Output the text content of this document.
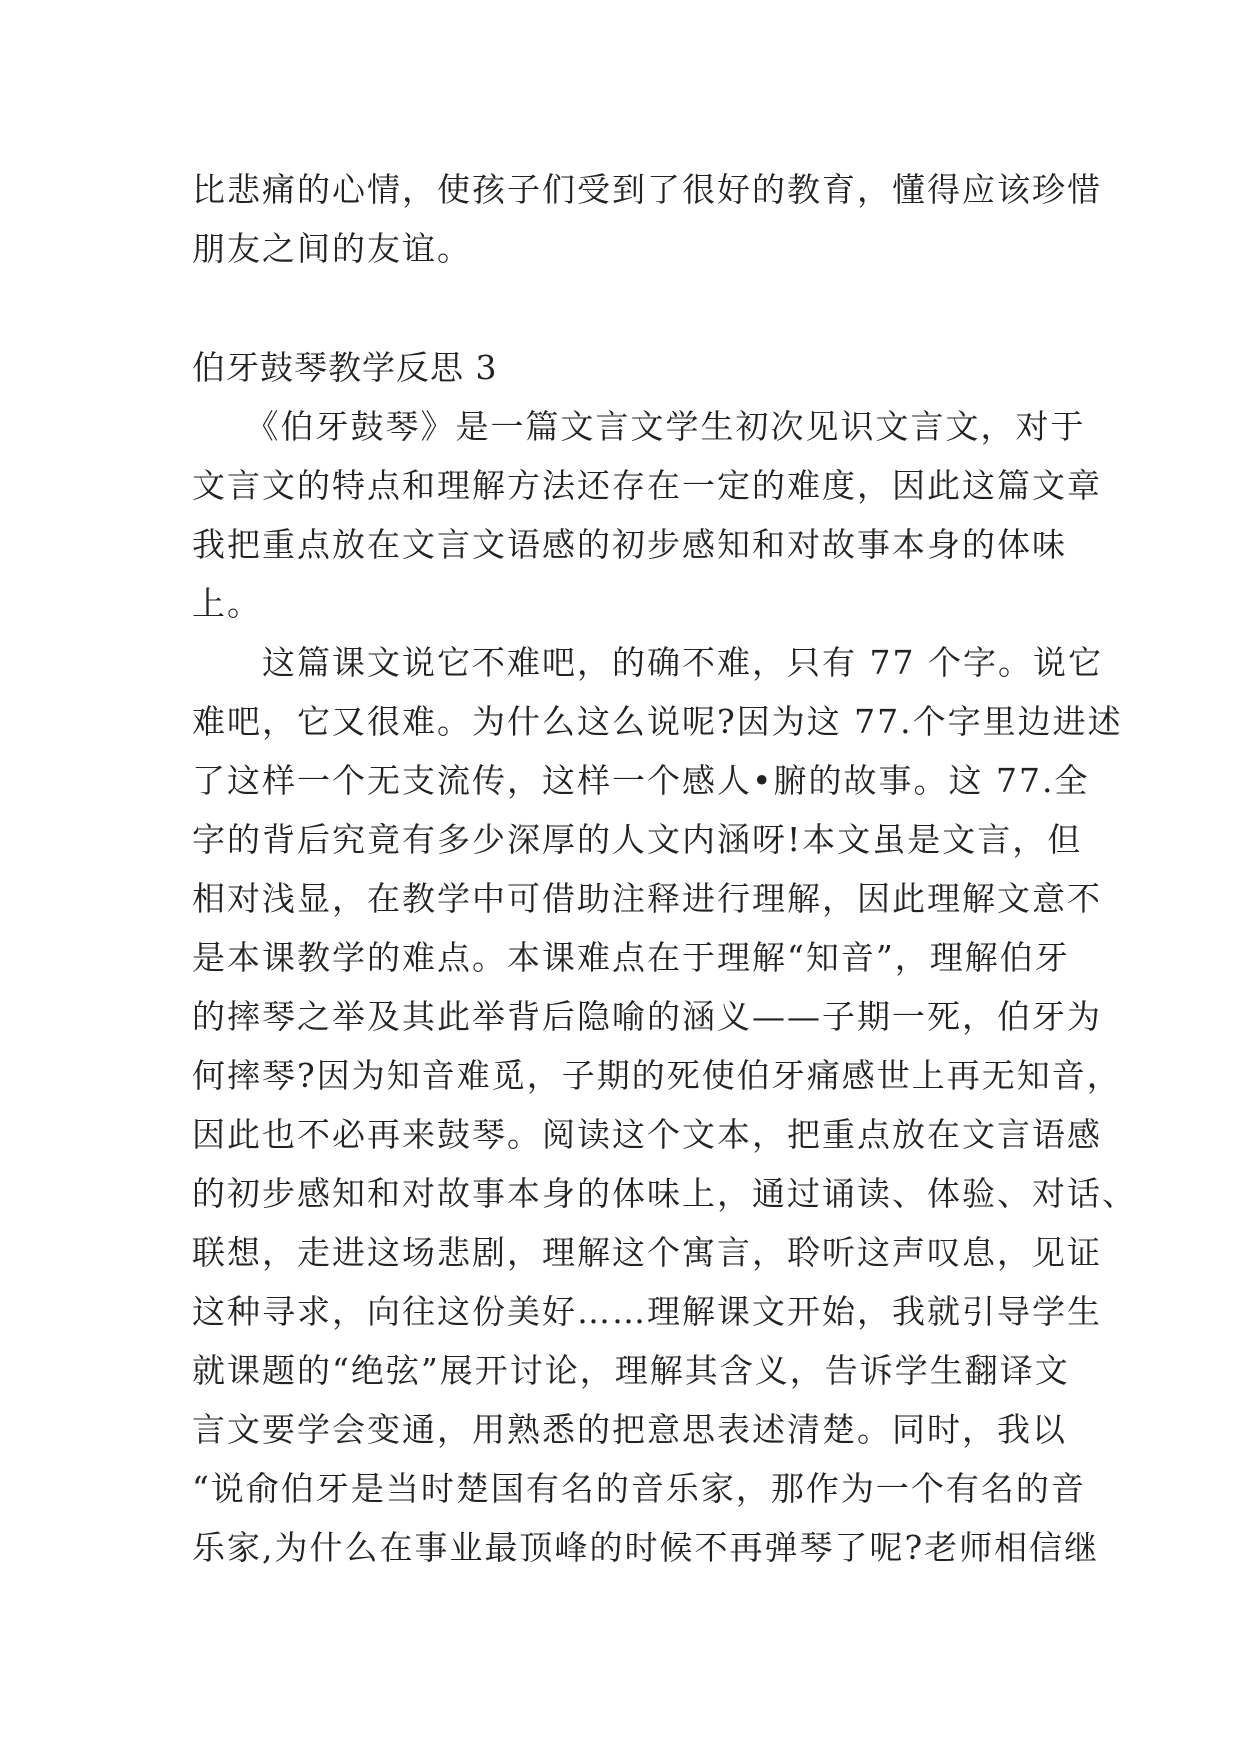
比悲痛的心情，使孩子们受到了很好的教育，懂得应该珍惜
朋友之间的友谊。
伯牙鼓琴教学反思 3
　　《伯牙鼓琴》是一篇文言文学生初次见识文言文，对于
文言文的特点和理解方法还存在一定的难度，因此这篇文章
我把重点放在文言文语感的初步感知和对故事本身的体味
上。
　　这篇课文说它不难吧，的确不难，只有 77 个字。说它
难吧，它又很难。为什么这么说呢?因为这 77.个字里边进述
了这样一个无支流传，这样一个感人•腑的故事。这 77.全
字的背后究竟有多少深厚的人文内涵呀!本文虽是文言，但
相对浅显，在教学中可借助注释进行理解，因此理解文意不
是本课教学的难点。本课难点在于理解“知音”，理解伯牙
的摔琴之举及其此举背后隐喻的涵义——子期一死，伯牙为
何摔琴?因为知音难觅，子期的死使伯牙痛感世上再无知音，
因此也不必再来鼓琴。阅读这个文本，把重点放在文言语感
的初步感知和对故事本身的体味上，通过诵读、体验、对话、
联想，走进这场悲剧，理解这个寓言，聆听这声叹息，见证
这种寻求，向往这份美好……理解课文开始，我就引导学生
就课题的“绝弦”展开讨论，理解其含义，告诉学生翻译文
言文要学会变通，用熟悉的把意思表述清楚。同时，我以
“说俞伯牙是当时楚国有名的音乐家，那作为一个有名的音
乐家,为什么在事业最顶峰的时候不再弹琴了呢?老师相信继
